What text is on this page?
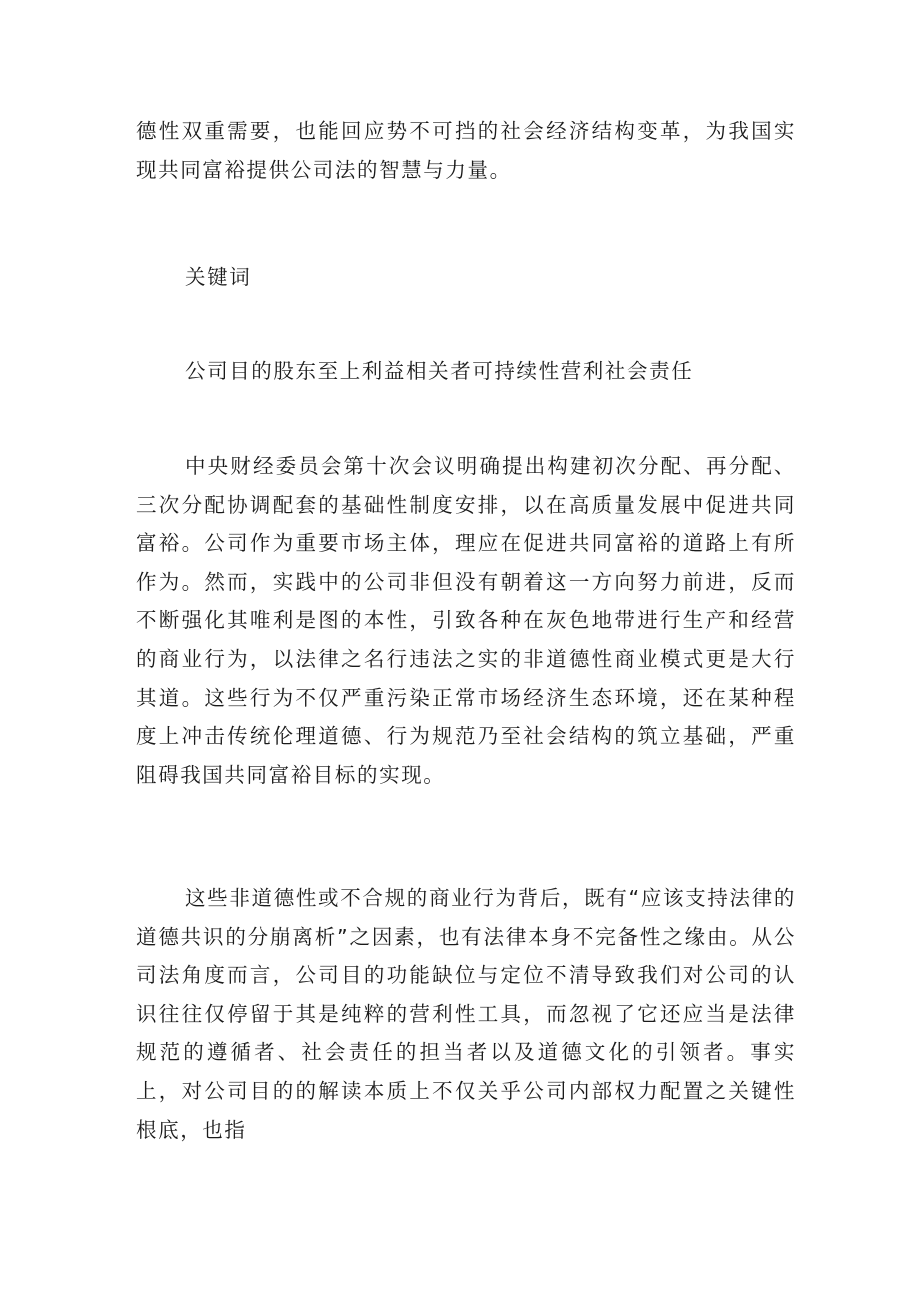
德性双重需要，也能回应势不可挡的社会经济结构变革，为我国实现共同富裕提供公司法的智慧与力量。

关键词

公司目的股东至上利益相关者可持续性营利社会责任

中央财经委员会第十次会议明确提出构建初次分配、再分配、三次分配协调配套的基础性制度安排，以在高质量发展中促进共同富裕。公司作为重要市场主体，理应在促进共同富裕的道路上有所作为。然而，实践中的公司非但没有朝着这一方向努力前进，反而不断强化其唯利是图的本性，引致各种在灰色地带进行生产和经营的商业行为，以法律之名行违法之实的非道德性商业模式更是大行其道。这些行为不仅严重污染正常市场经济生态环境，还在某种程度上冲击传统伦理道德、行为规范乃至社会结构的筑立基础，严重阻碍我国共同富裕目标的实现。

这些非道德性或不合规的商业行为背后，既有“应该支持法律的道德共识的分崩离析”之因素，也有法律本身不完备性之缘由。从公司法角度而言，公司目的功能缺位与定位不清导致我们对公司的认识往往仅停留于其是纯粹的营利性工具，而忽视了它还应当是法律规范的遵循者、社会责任的担当者以及道德文化的引领者。事实上，对公司目的的解读本质上不仅关乎公司内部权力配置之关键性根底，也指
